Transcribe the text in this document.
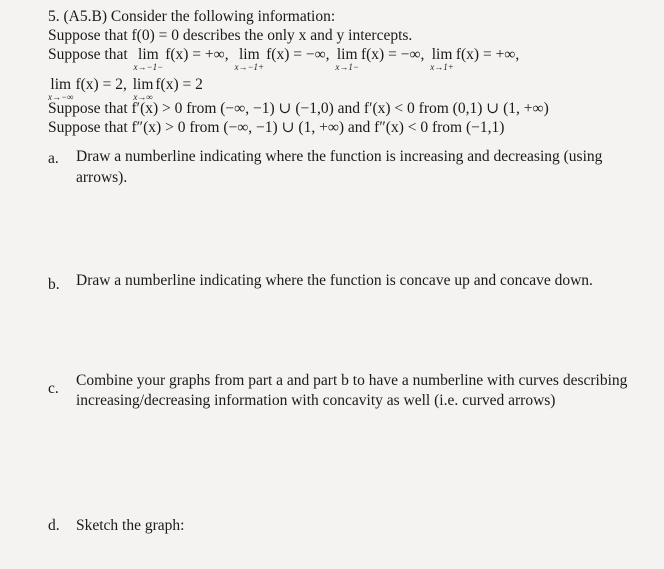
5. (A5.B) Consider the following information:
Suppose that f(0) = 0 describes the only x and y intercepts.
Suppose that lim
x→−1−
f(x) = +∞, lim
x→−1+
f(x) = −∞, lim
x→1−
f(x) = −∞, lim
x→1+
f(x) = +∞,
lim
x→−∞
f(x) = 2, lim
x→∞
f(x) = 2
Suppose that f′(x) > 0 from (−∞, −1) ∪ (−1,0) and f′(x) < 0 from (0,1) ∪ (1, +∞)
Suppose that f″(x) > 0 from (−∞, −1) ∪ (1, +∞) and f″(x) < 0 from (−1,1)
a. Draw a numberline indicating where the function is increasing and decreasing (using
arrows).
b. Draw a numberline indicating where the function is concave up and concave down.
c. Combine your graphs from part a and part b to have a numberline with curves describing
increasing/decreasing information with concavity as well (i.e. curved arrows)
d. Sketch the graph:
